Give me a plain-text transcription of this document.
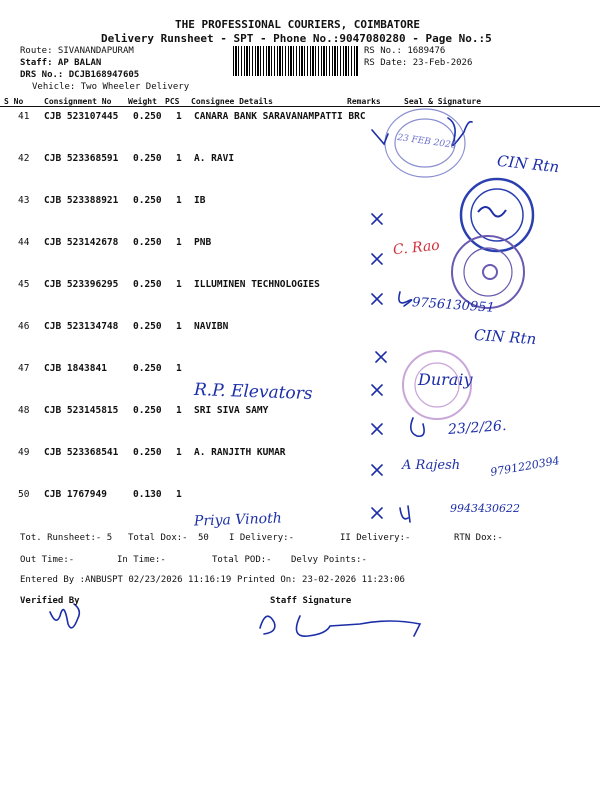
THE PROFESSIONAL COURIERS, COIMBATORE
Delivery Runsheet - SPT - Phone No.:9047080280 - Page No.:5
Route: SIVANANDAPURAM
Staff: AP BALAN
DRS No.: DCJB168947605
Vehicle: Two Wheeler Delivery
RS No.: 1689476
RS Date: 23-Feb-2026
S No	Consignment No Weight PCS Consignee Details	Remarks	Seal & Signature
41 CJB 523107445 0.250 1 CANARA BANK SARAVANAMPATTI BRC
42 CJB 523368591 0.250 1 A. RAVI
43 CJB 523388921 0.250 1 IB
44 CJB 523142678 0.250 1 PNB
45 CJB 523396295 0.250 1 ILLUMINEN TECHNOLOGIES
46 CJB 523134748 0.250 1 NAVIBN
47 CJB 1843841	0.250 1
48 CJB 523145815 0.250 1 SRI SIVA SAMY
49 CJB 523368541 0.250 1 A. RANJITH KUMAR
50 CJB 1767949	0.130 1
23 FEB 2026
CIN Rtn
C. Rao
9756130951
CIN Rtn
R.P. Elevators
Duraiy
23/2/26.
A Rajesh	9791220394
Priya Vinoth
9943430622
Tot. Runsheet:- 5 Total Dox:- 50 I Delivery:-	II Delivery:-	RTN Dox:-
Out Time:-	In Time:-	Total POD:- Delvy Points:-
Entered By :ANBUSPT 02/23/2026 11:16:19 Printed On: 23-02-2026 11:23:06
Verified By	Staff Signature
